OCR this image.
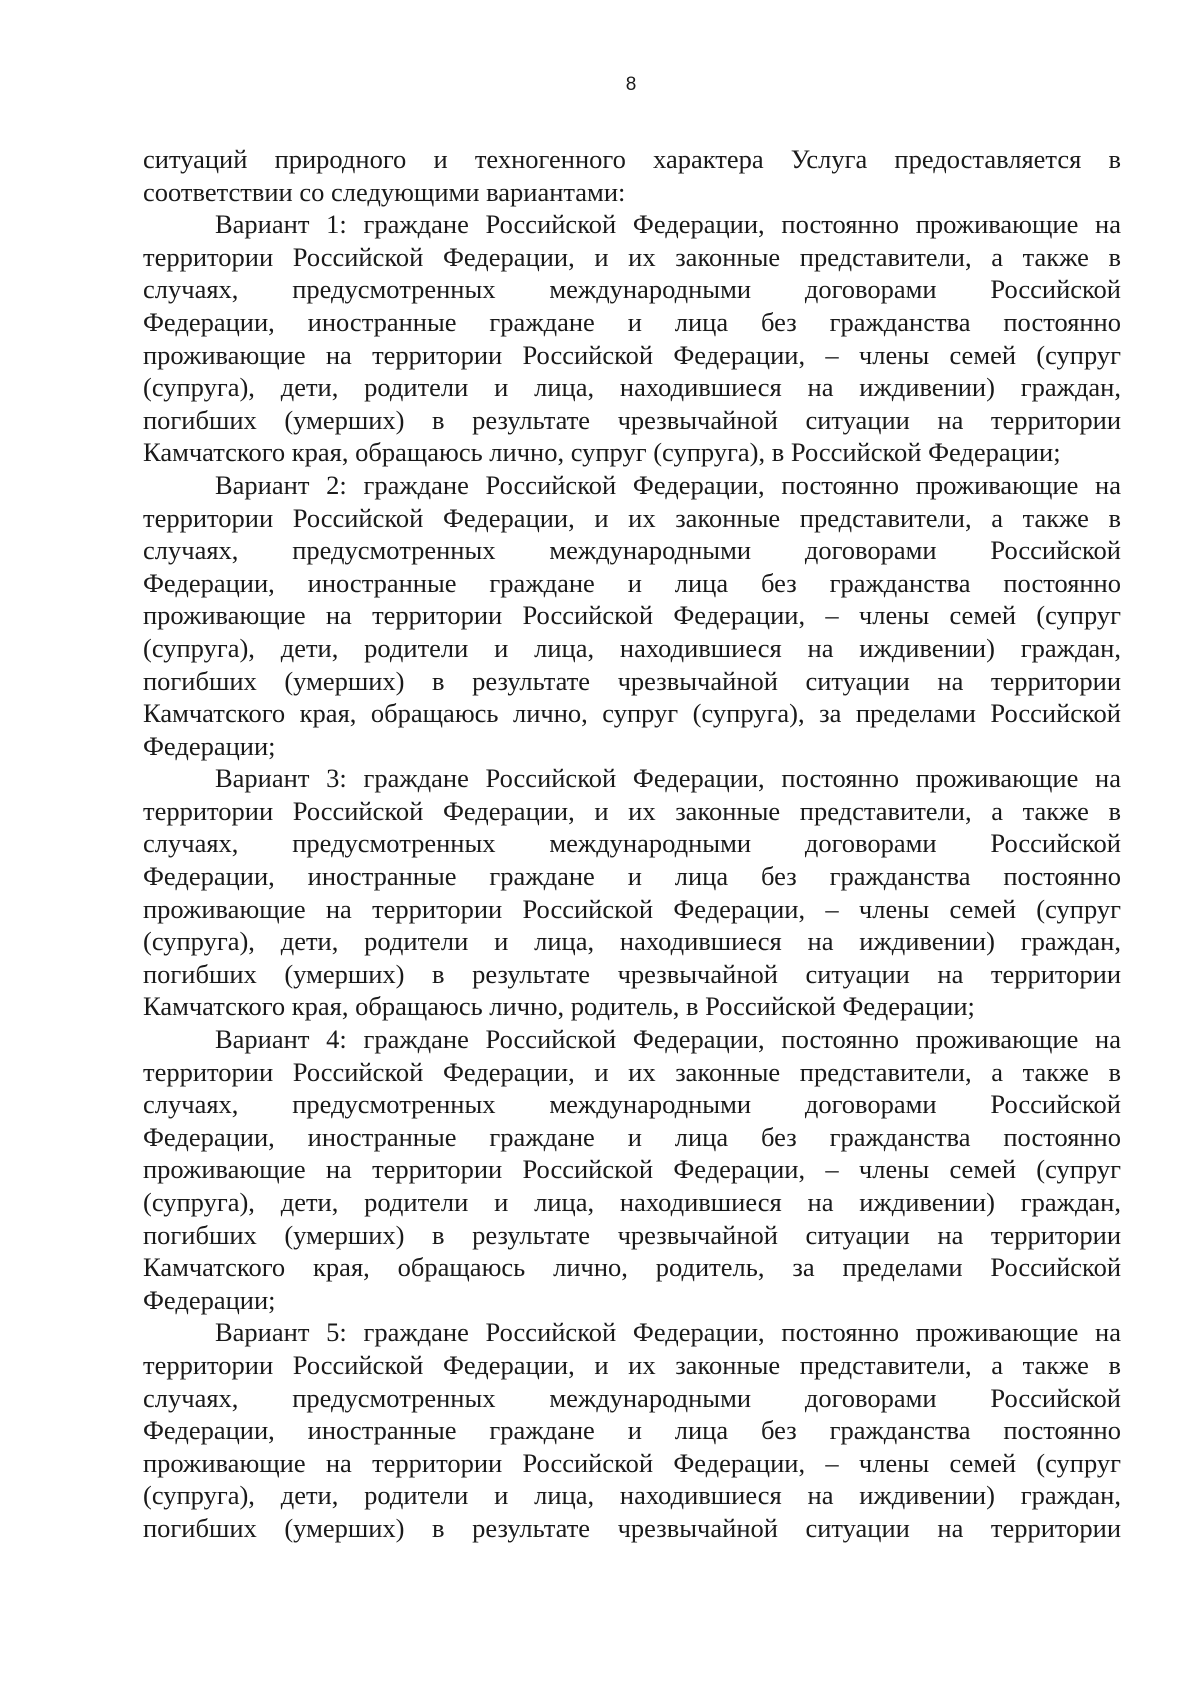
8
ситуаций природного и техногенного характера Услуга предоставляется в
соответствии со следующими вариантами:
Вариант 1: граждане Российской Федерации, постоянно проживающие на
территории Российской Федерации, и их законные представители, а также в
случаях, предусмотренных международными договорами Российской
Федерации, иностранные граждане и лица без гражданства постоянно
проживающие на территории Российской Федерации, – члены семей (супруг
(супруга), дети, родители и лица, находившиеся на иждивении) граждан,
погибших (умерших) в результате чрезвычайной ситуации на территории
Камчатского края, обращаюсь лично, супруг (супруга), в Российской Федерации;
Вариант 2: граждане Российской Федерации, постоянно проживающие на
территории Российской Федерации, и их законные представители, а также в
случаях, предусмотренных международными договорами Российской
Федерации, иностранные граждане и лица без гражданства постоянно
проживающие на территории Российской Федерации, – члены семей (супруг
(супруга), дети, родители и лица, находившиеся на иждивении) граждан,
погибших (умерших) в результате чрезвычайной ситуации на территории
Камчатского края, обращаюсь лично, супруг (супруга), за пределами Российской
Федерации;
Вариант 3: граждане Российской Федерации, постоянно проживающие на
территории Российской Федерации, и их законные представители, а также в
случаях, предусмотренных международными договорами Российской
Федерации, иностранные граждане и лица без гражданства постоянно
проживающие на территории Российской Федерации, – члены семей (супруг
(супруга), дети, родители и лица, находившиеся на иждивении) граждан,
погибших (умерших) в результате чрезвычайной ситуации на территории
Камчатского края, обращаюсь лично, родитель, в Российской Федерации;
Вариант 4: граждане Российской Федерации, постоянно проживающие на
территории Российской Федерации, и их законные представители, а также в
случаях, предусмотренных международными договорами Российской
Федерации, иностранные граждане и лица без гражданства постоянно
проживающие на территории Российской Федерации, – члены семей (супруг
(супруга), дети, родители и лица, находившиеся на иждивении) граждан,
погибших (умерших) в результате чрезвычайной ситуации на территории
Камчатского края, обращаюсь лично, родитель, за пределами Российской
Федерации;
Вариант 5: граждане Российской Федерации, постоянно проживающие на
территории Российской Федерации, и их законные представители, а также в
случаях, предусмотренных международными договорами Российской
Федерации, иностранные граждане и лица без гражданства постоянно
проживающие на территории Российской Федерации, – члены семей (супруг
(супруга), дети, родители и лица, находившиеся на иждивении) граждан,
погибших (умерших) в результате чрезвычайной ситуации на территории
